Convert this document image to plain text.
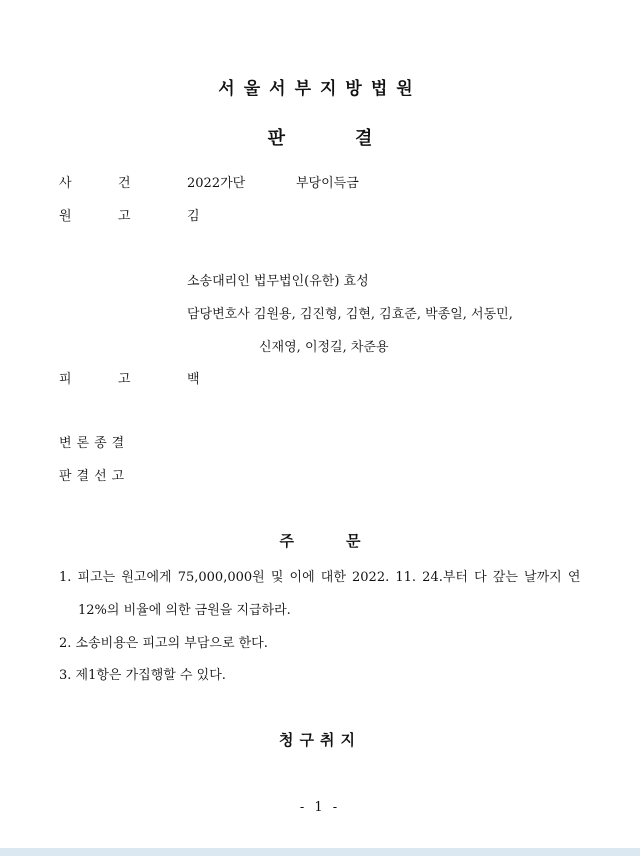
서울서부지방법원
판	결
사	건	2022가단	부당이득금
원	고	김
소송대리인 법무법인(유한) 효성
담당변호사 김원용, 김진형, 김현, 김효준, 박종일, 서동민,
신재영, 이정길, 차준용
피	고	백
변론종결
판결선고
주	문
1. 피고는 원고에게 75,000,000원 및 이에 대한 2022. 11. 24.부터 다 갚는 날까지 연
12%의 비율에 의한 금원을 지급하라.
2. 소송비용은 피고의 부담으로 한다.
3. 제1항은 가집행할 수 있다.
청구취지
- 1 -
